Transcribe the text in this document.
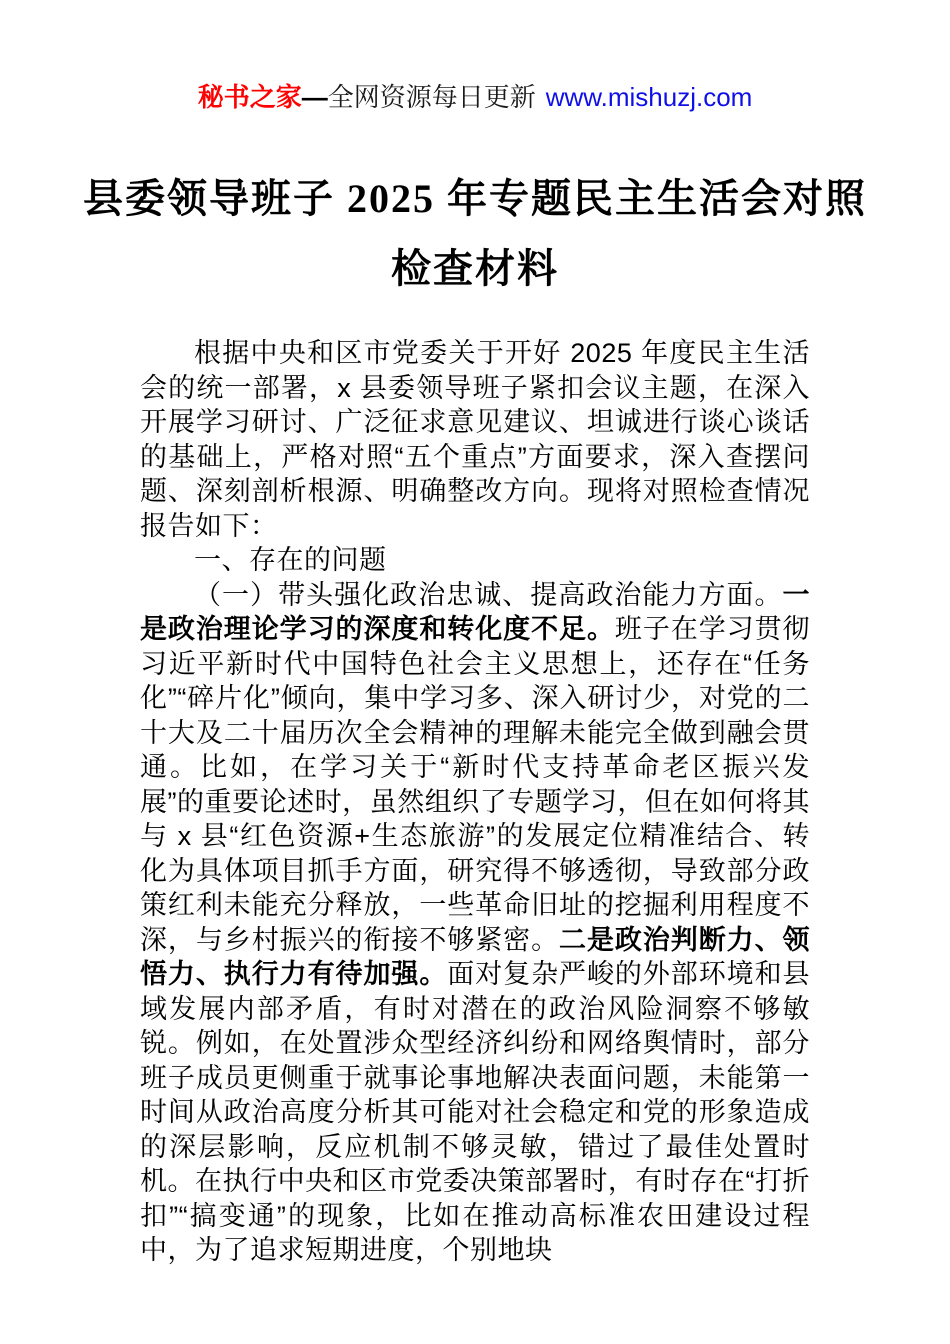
秘书之家—全网资源每日更新 www.mishuzj.com
县委领导班子 2025 年专题民主生活会对照
检查材料

根据中央和区市党委关于开好 2025 年度民主生活会的统一部署，x 县委领导班子紧扣会议主题，在深入开展学习研讨、广泛征求意见建议、坦诚进行谈心谈话的基础上，严格对照“五个重点”方面要求，深入查摆问题、深刻剖析根源、明确整改方向。现将对照检查情况报告如下：

一、存在的问题

（一）带头强化政治忠诚、提高政治能力方面。一是政治理论学习的深度和转化度不足。班子在学习贯彻习近平新时代中国特色社会主义思想上，还存在“任务化”“碎片化”倾向，集中学习多、深入研讨少，对党的二十大及二十届历次全会精神的理解未能完全做到融会贯通。比如，在学习关于“新时代支持革命老区振兴发展”的重要论述时，虽然组织了专题学习，但在如何将其与 x 县“红色资源+生态旅游”的发展定位精准结合、转化为具体项目抓手方面，研究得不够透彻，导致部分政策红利未能充分释放，一些革命旧址的挖掘利用程度不深，与乡村振兴的衔接不够紧密。二是政治判断力、领悟力、执行力有待加强。面对复杂严峻的外部环境和县域发展内部矛盾，有时对潜在的政治风险洞察不够敏锐。例如，在处置涉众型经济纠纷和网络舆情时，部分班子成员更侧重于就事论事地解决表面问题，未能第一时间从政治高度分析其可能对社会稳定和党的形象造成的深层影响，反应机制不够灵敏，错过了最佳处置时机。在执行中央和区市党委决策部署时，有时存在“打折扣”“搞变通”的现象，比如在推动高标准农田建设过程中，为了追求短期进度，个别地块
